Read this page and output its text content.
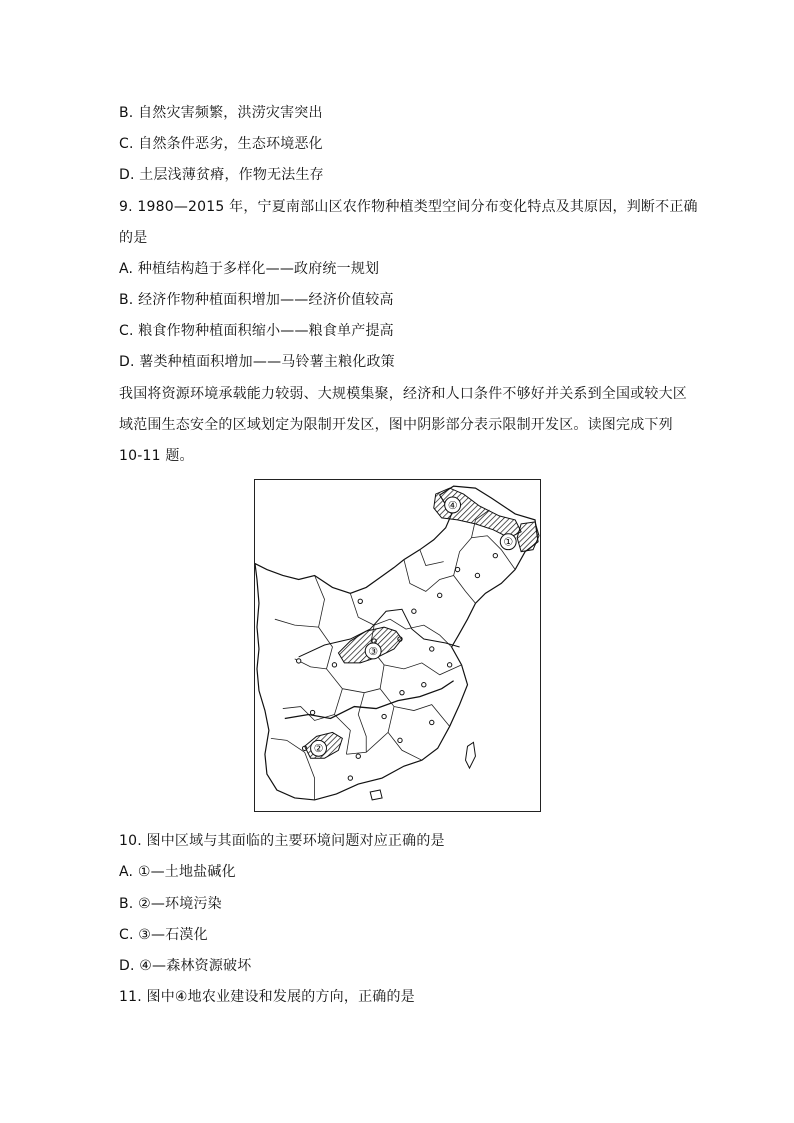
B. 自然灾害频繁，洪涝灾害突出
C. 自然条件恶劣，生态环境恶化
D. 土层浅薄贫瘠，作物无法生存
9. 1980—2015 年，宁夏南部山区农作物种植类型空间分布变化特点及其原因，判断不正确
的是
A. 种植结构趋于多样化——政府统一规划
B. 经济作物种植面积增加——经济价值较高
C. 粮食作物种植面积缩小——粮食单产提高
D. 薯类种植面积增加——马铃薯主粮化政策
我国将资源环境承载能力较弱、大规模集聚，经济和人口条件不够好并关系到全国或较大区
域范围生态安全的区域划定为限制开发区，图中阴影部分表示限制开发区。读图完成下列
10-11 题。
④
①
③
②
10. 图中区域与其面临的主要环境问题对应正确的是
A. ①—土地盐碱化
B. ②—环境污染
C. ③—石漠化
D. ④—森林资源破坏
11. 图中④地农业建设和发展的方向，正确的是
